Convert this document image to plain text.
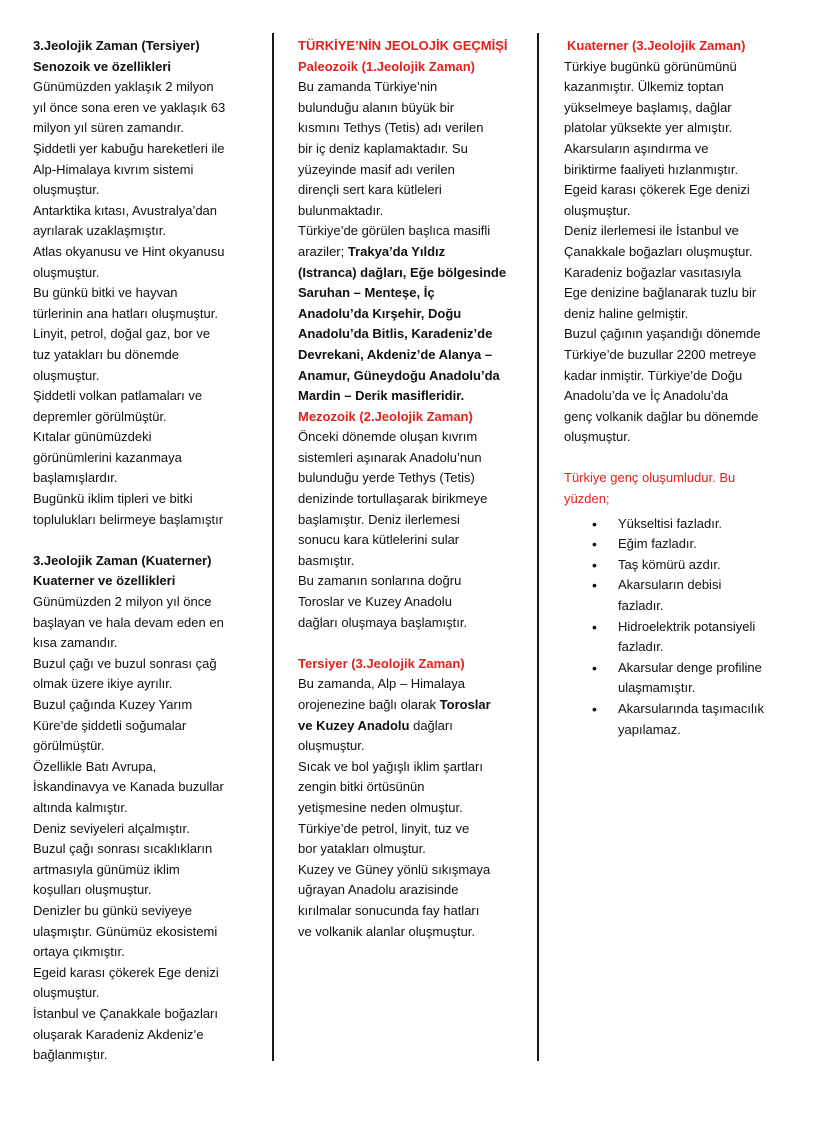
3.Jeolojik Zaman (Tersiyer)
Senozoik ve özellikleri
Günümüzden yaklaşık 2 milyon
yıl önce sona eren ve yaklaşık 63
milyon yıl süren zamandır.
Şiddetli yer kabuğu hareketleri ile
Alp-Himalaya kıvrım sistemi
oluşmuştur.
Antarktika kıtası, Avustralya’dan
ayrılarak uzaklaşmıştır.
Atlas okyanusu ve Hint okyanusu
oluşmuştur.
Bu günkü bitki ve hayvan
türlerinin ana hatları oluşmuştur.
Linyit, petrol, doğal gaz, bor ve
tuz yatakları bu dönemde
oluşmuştur.
Şiddetli volkan patlamaları ve
depremler görülmüştür.
Kıtalar günümüzdeki
görünümlerini kazanmaya
başlamışlardır.
Bugünkü iklim tipleri ve bitki
toplulukları belirmeye başlamıştır
3.Jeolojik Zaman (Kuaterner)
Kuaterner ve özellikleri
Günümüzden 2 milyon yıl önce
başlayan ve hala devam eden en
kısa zamandır.
Buzul çağı ve buzul sonrası çağ
olmak üzere ikiye ayrılır.
Buzul çağında Kuzey Yarım
Küre’de şiddetli soğumalar
görülmüştür.
Özellikle Batı Avrupa,
İskandinavya ve Kanada buzullar
altında kalmıştır.
Deniz seviyeleri alçalmıştır.
Buzul çağı sonrası sıcaklıkların
artmasıyla günümüz iklim
koşulları oluşmuştur.
Denizler bu günkü seviyeye
ulaşmıştır. Günümüz ekosistemi
ortaya çıkmıştır.
Egeid karası çökerek Ege denizi
oluşmuştur.
İstanbul ve Çanakkale boğazları
oluşarak Karadeniz Akdeniz’e
bağlanmıştır.
TÜRKİYE’NİN JEOLOJİK GEÇMİŞİ
Paleozoik (1.Jeolojik Zaman)
Bu zamanda Türkiye’nin
bulunduğu alanın büyük bir
kısmını Tethys (Tetis) adı verilen
bir iç deniz kaplamaktadır. Su
yüzeyinde masif adı verilen
dirençli sert kara kütleleri
bulunmaktadır.
Türkiye’de görülen başlıca masifli
araziler; Trakya’da Yıldız
(Istranca) dağları, Eğe bölgesinde
Saruhan – Menteşe, İç
Anadolu’da Kırşehir, Doğu
Anadolu’da Bitlis, Karadeniz’de
Devrekani, Akdeniz’de Alanya –
Anamur, Güneydoğu Anadolu’da
Mardin – Derik masifleridir.
Mezozoik (2.Jeolojik Zaman)
Önceki dönemde oluşan kıvrım
sistemleri aşınarak Anadolu’nun
bulunduğu yerde Tethys (Tetis)
denizinde tortullaşarak birikmeye
başlamıştır. Deniz ilerlemesi
sonucu kara kütlelerini sular
basmıştır.
Bu zamanın sonlarına doğru
Toroslar ve Kuzey Anadolu
dağları oluşmaya başlamıştır.
Tersiyer (3.Jeolojik Zaman)
Bu zamanda, Alp – Himalaya
orojenezine bağlı olarak Toroslar
ve Kuzey Anadolu dağları
oluşmuştur.
Sıcak ve bol yağışlı iklim şartları
zengin bitki örtüsünün
yetişmesine neden olmuştur.
Türkiye’de petrol, linyit, tuz ve
bor yatakları olmuştur.
Kuzey ve Güney yönlü sıkışmaya
uğrayan Anadolu arazisinde
kırılmalar sonucunda fay hatları
ve volkanik alanlar oluşmuştur.
Kuaterner (3.Jeolojik Zaman)
Türkiye bugünkü görünümünü
kazanmıştır. Ülkemiz toptan
yükselmeye başlamış, dağlar
platolar yüksekte yer almıştır.
Akarsuların aşındırma ve
biriktirme faaliyeti hızlanmıştır.
Egeid karası çökerek Ege denizi
oluşmuştur.
Deniz ilerlemesi ile İstanbul ve
Çanakkale boğazları oluşmuştur.
Karadeniz boğazlar vasıtasıyla
Ege denizine bağlanarak tuzlu bir
deniz haline gelmiştir.
Buzul çağının yaşandığı dönemde
Türkiye’de buzullar 2200 metreye
kadar inmiştir. Türkiye’de Doğu
Anadolu’da ve İç Anadolu’da
genç volkanik dağlar bu dönemde
oluşmuştur.
Türkiye genç oluşumludur. Bu
yüzden;
• Yükseltisi fazladır.
• Eğim fazladır.
• Taş kömürü azdır.
• Akarsuların debisi
fazladır.
• Hidroelektrik potansiyeli
fazladır.
• Akarsular denge profiline
ulaşmamıştır.
• Akarsularında taşımacılık
yapılamaz.
